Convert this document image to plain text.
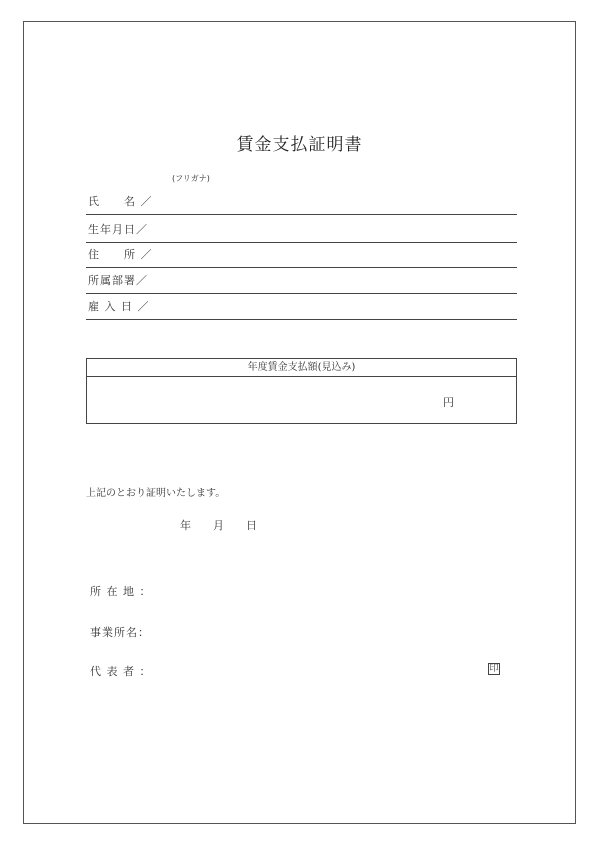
賃金支払証明書
(フリガナ)
氏　　名 ／
生年月日／
住　　所 ／
所属部署／
雇 入 日 ／
年度賃金支払額(見込み)
円
上記のとおり証明いたします。
年　　月　　日
所 在 地 ：
事業所名：
代 表 者 ：	印
